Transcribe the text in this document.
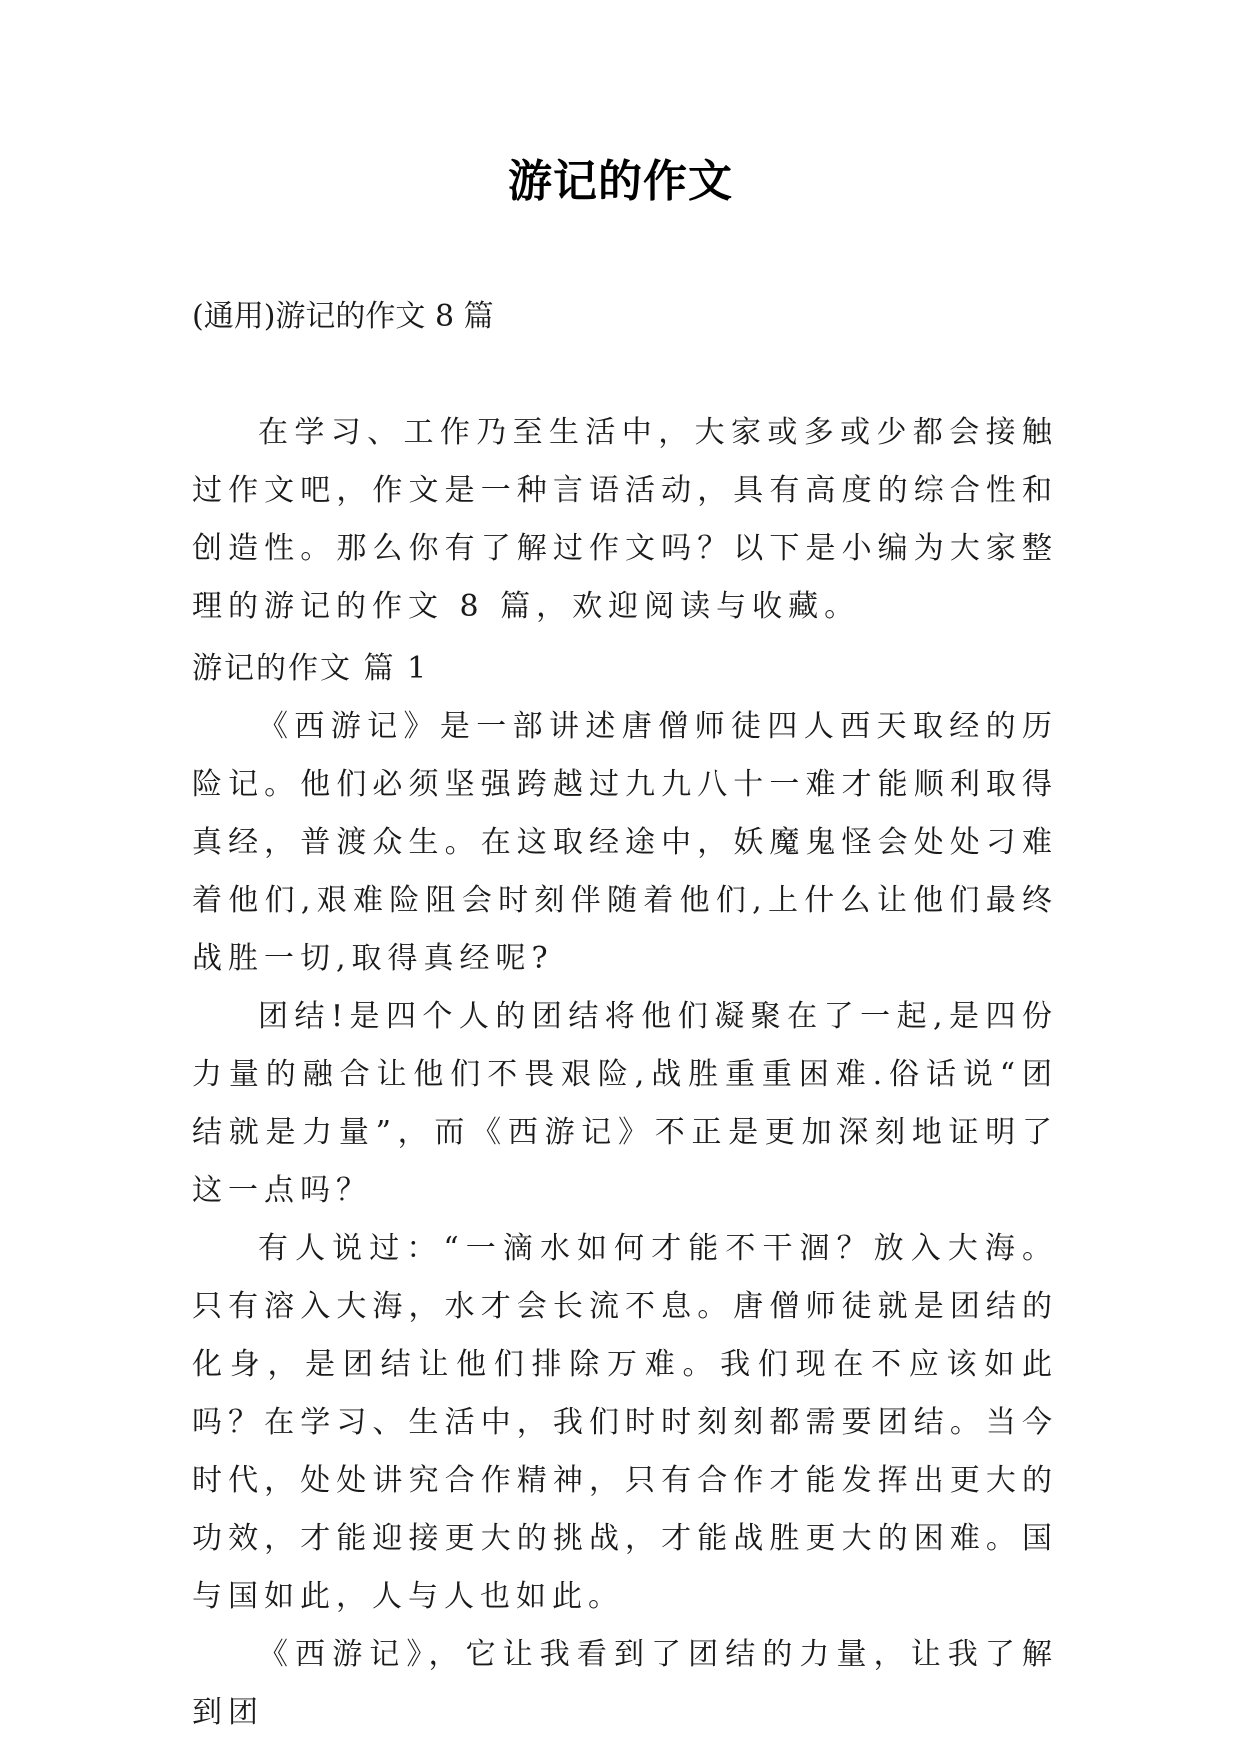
游记的作文
(通用)游记的作文 8 篇

在学习、工作乃至生活中，大家或多或少都会接触过作文吧，作文是一种言语活动，具有高度的综合性和创造性。那么你有了解过作文吗？以下是小编为大家整理的游记的作文 8 篇，欢迎阅读与收藏。

游记的作文 篇 1

《西游记》是一部讲述唐僧师徒四人西天取经的历险记。他们必须坚强跨越过九九八十一难才能顺利取得真经，普渡众生。在这取经途中，妖魔鬼怪会处处刁难着他们,艰难险阻会时刻伴随着他们,上什么让他们最终战胜一切,取得真经呢?

团结!是四个人的团结将他们凝聚在了一起,是四份力量的融合让他们不畏艰险,战胜重重困难.俗话说“团结就是力量”，而《西游记》不正是更加深刻地证明了这一点吗？

有人说过：“一滴水如何才能不干涸？放入大海。只有溶入大海，水才会长流不息。唐僧师徒就是团结的化身，是团结让他们排除万难。我们现在不应该如此吗？在学习、生活中，我们时时刻刻都需要团结。当今时代，处处讲究合作精神，只有合作才能发挥出更大的功效，才能迎接更大的挑战，才能战胜更大的困难。国与国如此，人与人也如此。

《西游记》，它让我看到了团结的力量，让我了解到团
